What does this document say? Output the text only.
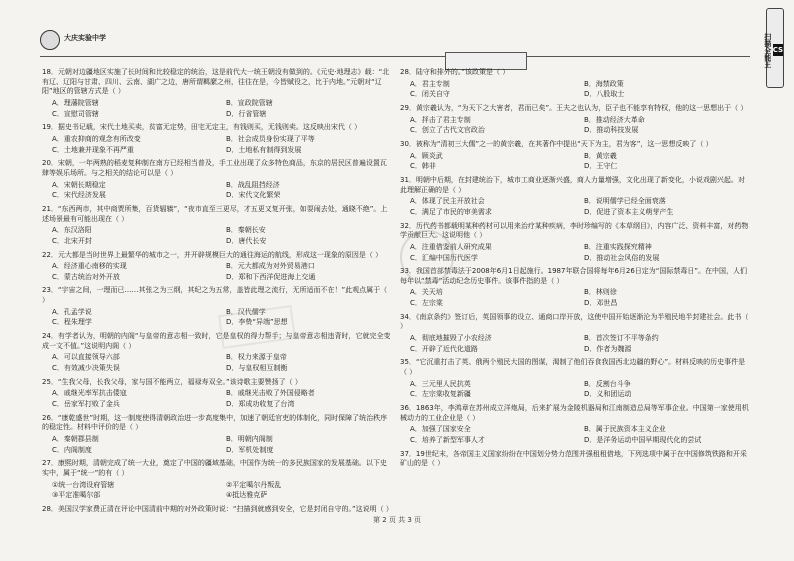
大庆实验中学
CS
扫描全能王
18．元朝对边疆地区实施了长时间和比较稳定的统治，这是前代大一统王朝没有做到的。《元史·地理志》载：“北有辽、辽阳与甘肃、四川、云南、湖广之边，唐所谓羁縻之州，往往在是，今皆赋役之，比于内地。”元朝对“辽阳”地区的管辖方式是（ ）
A．理藩院管辖	B．宣政院管辖
C．宣慰司管辖	D．行省管辖
19．据史书记载，宋代土地买卖，贫富无定势，田宅无定主，有钱则买，无钱则卖。这反映出宋代（ ）
A．重农抑商的观念有所改变	B．社会成员身份实现了平等
C．土地兼并现象不再严重	D．土地私有制得到发展
20．宋朝，一年两熟的稻麦复种制在南方已经相当普及，手工业出现了众多特色商品，东京的居民区普遍设置瓦肆等娱乐场所。与之相关的结论可以是（ ）
A．宋朝长期稳定	B．战乱阻挡经济
C．宋代经济发展	D．宋代文化繁荣
21．“东西两市，其中商贾所集，百货辐辏”，“夜市直至三更尽，才五更又复开张，如耍闹去处，通晓不绝”。上述场景最有可能出现在（ ）
A．东汉洛阳	B．秦朝长安
C．北宋开封	D．唐代长安
22．元大都是当时世界上最繁华的城市之一，并开辟规模巨大的通往海运的航线，形成这一现象的原因是（ ）
A．经济重心南移的实现	B．元大都成为对外贸易港口
C．蒙古统治对外开放	D．郑和下西洋促进海上交通
23．“宇宙之间，一理而已……其张之为三纲，其纪之为五常，盖皆此理之流行，无所适而不在！”此观点属于（ ）
A．孔孟学说	B．汉代儒学
C．程朱理学	D．李贽“异端”思想
24．有学者认为，明朝的内阁“与皇帝的意志相一致时，它是皇权的得力帮手；与皇帝意志相违背时，它就完全变成一文不值。”这说明内阁（ ）
A．可以直接领导六部	B．权力来源于皇帝
C．有效减少决策失误	D．与皇权相互制衡
25．“生我父母，长我父母，家与国不能两立，福禄寿双全。”该诗歌主要赞扬了（ ）
A．戚继光率军抗击倭寇	B．戚继光击败了外国侵略者
C．岳家军打败了金兵	D．郑成功收复了台湾
26．“康乾盛世”时期，这一制度使得清朝政治进一步高度集中，加速了朝廷官吏的体制化，同时保障了统治秩序的稳定性。材料中评价的是（ ）
A．秦朝郡县制	B．明朝内阁制
C．内阁制度	D．军机处制度
27．康熙时期，清朝完成了统一大业，奠定了中国的疆域基础，中国作为统一的多民族国家的发展基础。以下史实中，属于“统一”的有（ ）
①统一台湾设府管辖	②平定噶尔丹叛乱
③平定准噶尔部	④抵达雅克萨
28．美国汉学家费正清在评论中国清前中期的对外政策时说：“扫描到就感到安全，它是封闭自守的。”这说明（ ）
28．陆守和排外的。”该政策是（ ）
A．君主专制	B．海禁政策
C．闭关自守	D．八股取士
29．黄宗羲认为，“为天下之大害者，君而已矣”。王夫之也认为，臣子也不能享有特权，他的这一思想出于（ ）
A．抨击了君主专制	B．推动经济大革命
C．创立了古代文官政治	D．推动科技发展
30．被称为“清初三大儒”之一的黄宗羲，在其著作中提出“天下为主，君为客”，这一思想反映了（ ）
A．顾炎武	B．黄宗羲
C．韩非	D．王守仁
31．明朝中后期，在封建统治下，城市工商业逐渐兴盛，商人力量增强，文化出现了新变化，小说戏剧兴起。对此理解正确的是（ ）
A．体现了民主开放社会	B．说明儒学已经全面衰落
C．满足了市民的审美需求	D．促进了资本主义萌芽产生
32．历代药书都载明某种药材可以用来治疗某种疾病，李时珍编写的《本草纲目》，内容广泛、资料丰富，对药物学贡献巨大。这说明他（ ）
A．注重借鉴前人研究成果	B．注重实践探究精神
C．汇编中国历代医学	D．推动社会风俗的发展
33．我国首部禁毒法于2008年6月1日起施行。1987年联合国将每年6月26日定为“国际禁毒日”。在中国，人们每年以“禁毒”活动纪念历史事件。该事件指的是（ ）
A．关天培	B．林则徐
C．左宗棠	D．邓世昌
34．《南京条约》签订后，英国领事的设立、通商口岸开放，这使中国开始逐渐沦为半殖民地半封建社会。此书（ ）
A．彻底地摧毁了小农经济	B．首次签订不平等条约
C．开辟了近代化道路	D．作者为魏源
35．“它沉重打击了英、俄两个殖民大国的图谋，渴制了他们吞食我国西北边疆的野心”。材料反映的历史事件是（ ）
A．三元里人民抗英	B．反割台斗争
C．左宗棠收复新疆	D．义和团运动
36．1863年，李鸿章在苏州成立洋炮局，后来扩展为金陵机器局和江南制造总局等军事企业。中国第一家使用机械动力的工业企业是（ ）
A．加强了国家安全	B．属于民族资本主义企业
C．培养了新型军事人才	D．是洋务运动中国早期现代化的尝试
37．19世纪末，各帝国主义国家纷纷在中国划分势力范围并强租租借地，下列选项中属于在中国修筑铁路和开采矿山的是（ ）
第 2 页 共 3 页
